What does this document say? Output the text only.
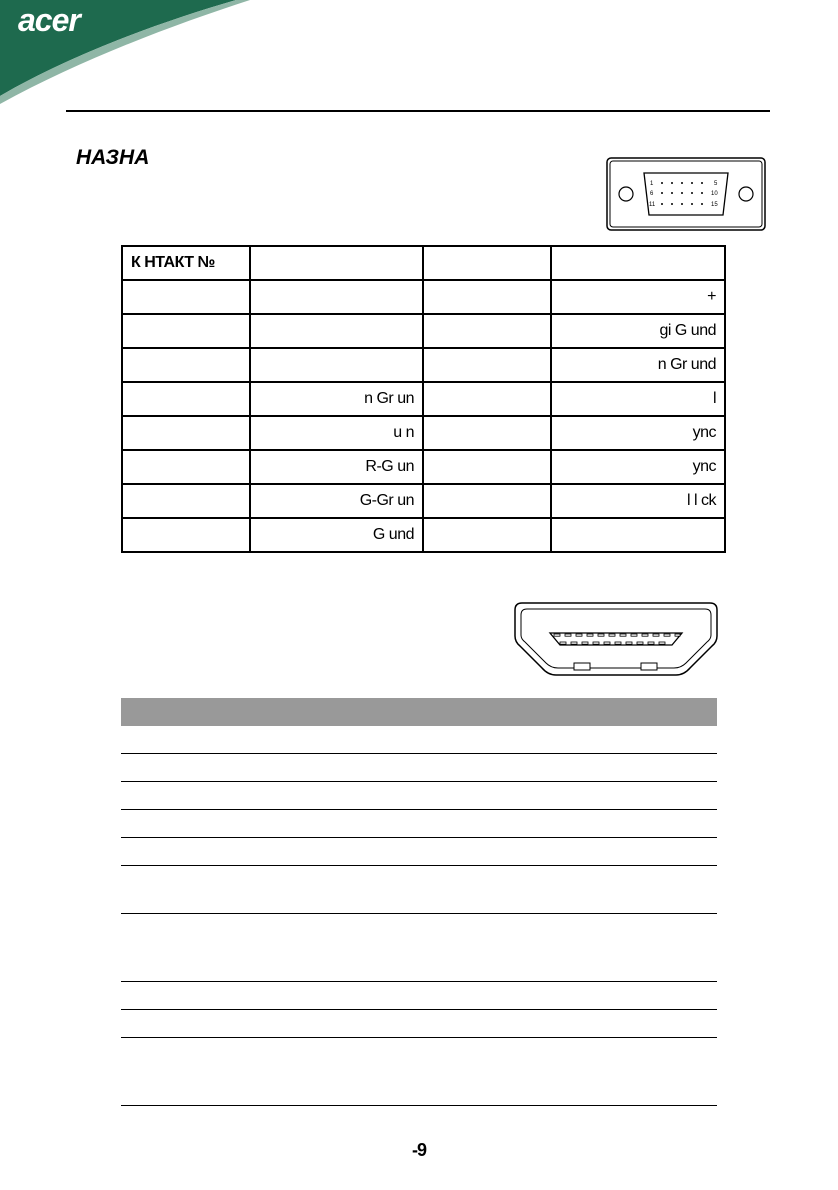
acer
НАЗНА
1	5
6	10
11	15
К НТАКТ №			
			+
			gi G und
			n Gr und
	n Gr un		l
	u n		ync
	R-G un		ync
	G-Gr un		l l ck
	G und		
-9
